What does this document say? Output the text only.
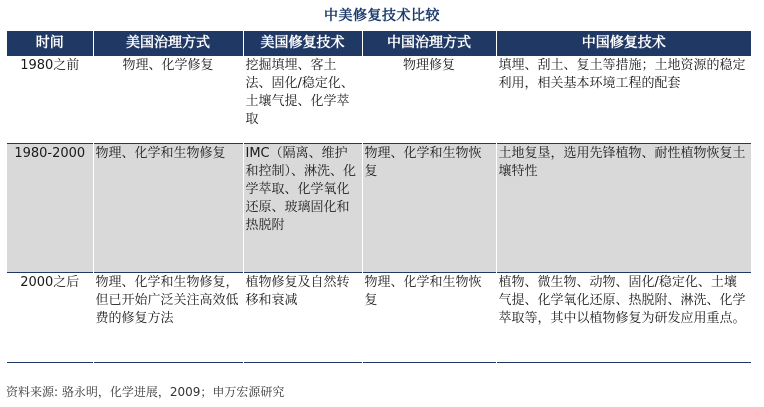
中美修复技术比较
时间	美国治理方式	美国修复技术	中国治理方式	中国修复技术
1980之前	物理、化学修复	挖掘填埋、客土法、固化/稳定化、土壤气提、化学萃取	物理修复	填埋、刮土、复土等措施；土地资源的稳定利用，相关基本环境工程的配套
1980-2000	物理、化学和生物修复	IMC（隔离、维护和控制）、淋洗、化学萃取、化学氧化还原、玻璃固化和热脱附	物理、化学和生物恢复	土地复垦，选用先锋植物、耐性植物恢复土壤特性
2000之后	物理、化学和生物修复，但已开始广泛关注高效低费的修复方法	植物修复及自然转移和衰减	物理、化学和生物恢复	植物、微生物、动物、固化/稳定化、土壤气提、化学氧化还原、热脱附、淋洗、化学萃取等，其中以植物修复为研发应用重点。
资料来源: 骆永明，化学进展，2009；申万宏源研究
